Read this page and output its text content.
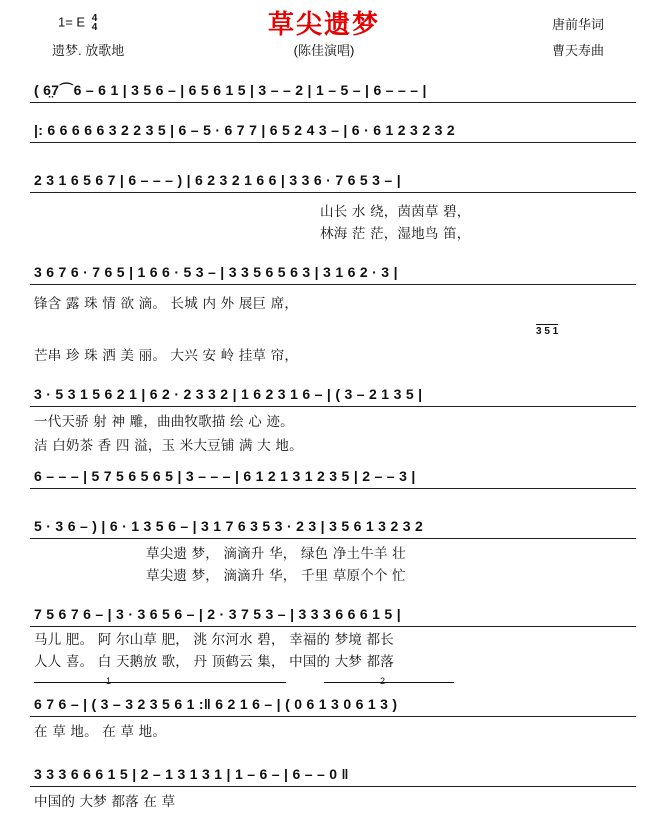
1= E 4
4
遗梦. 放歌地
草尖遗梦
(陈佳演唱)
唐前华词
曹天寿曲
( 6̤7⌒6 – 6 1 | 3 5 6 – | 6 5 6 1 5 | 3 – – 2 | 1 – 5 – | 6 – – – |
|: 6 6 6 6 6 3 2 2 3 5 | 6 – 5 · 6 7 7 | 6 5 2 4 3 – | 6 · 6 1 2 3 2 3 2
2 3 1 6 5 6 7 | 6 – – – ) | 6 2 3 2 1 6 6 | 3 3 6 · 7 6 5 3 – |
山长 水 绕，茵茵草 碧，
林海 茫 茫，湿地鸟 笛，
3 6 7 6 · 7 6 5 | 1 6 6 · 5 3 – | 3 3 5 6 5 6 3 | 3 1 6 2 · 3 |
锋含 露 珠 情 欲 滴。 长城 内 外 展巨 席，
3 5 1
芒串 珍 珠 洒 美 丽。 大兴 安 岭 挂草 帘，
3 · 5 3 1 5 6 2 1 | 6 2 · 2 3 3 2 | 1 6 2 3 1 6 – | ( 3 – 2 1 3 5 |
一代天骄 射 神 雕，曲曲牧歌描 绘 心 迹。
洁 白奶茶 香 四 溢，玉 米大豆铺 满 大 地。
6 – – – | 5 7 5 6 5 6 5 | 3 – – – | 6 1 2 1 3 1 2 3 5 | 2 – – 3 |
5 · 3 6 – ) | 6 · 1 3 5 6 – | 3 1 7 6 3 5 3 · 2 3 | 3 5 6 1 3 2 3 2
草尖遗 梦， 滴滴升 华， 绿色 净土牛羊 壮
草尖遗 梦， 滴滴升 华， 千里 草原个个 忙
7 5 6 7 6 – | 3 · 3 6 5 6 – | 2 · 3 7 5 3 – | 3 3 3 6 6 6 1 5 |
马儿 肥。 阿 尔山草 肥， 洮 尔河水 碧， 幸福的 梦境 都长
人人 喜。 白 天鹅放 歌， 丹 顶鹤云 集， 中国的 大梦 都落
1	2
6 7 6 – | ( 3 – 3 2 3 5 6 1 :‖ 6 2 1 6 – | ( 0 6 1 3 0 6 1 3 )
在 草 地。 在 草 地。
3 3 3 6 6 6 1 5 | 2 – 1 3 1 3 1 | 1 – 6 – | 6 – – 0 ‖
中国的 大梦 都落 在 草
